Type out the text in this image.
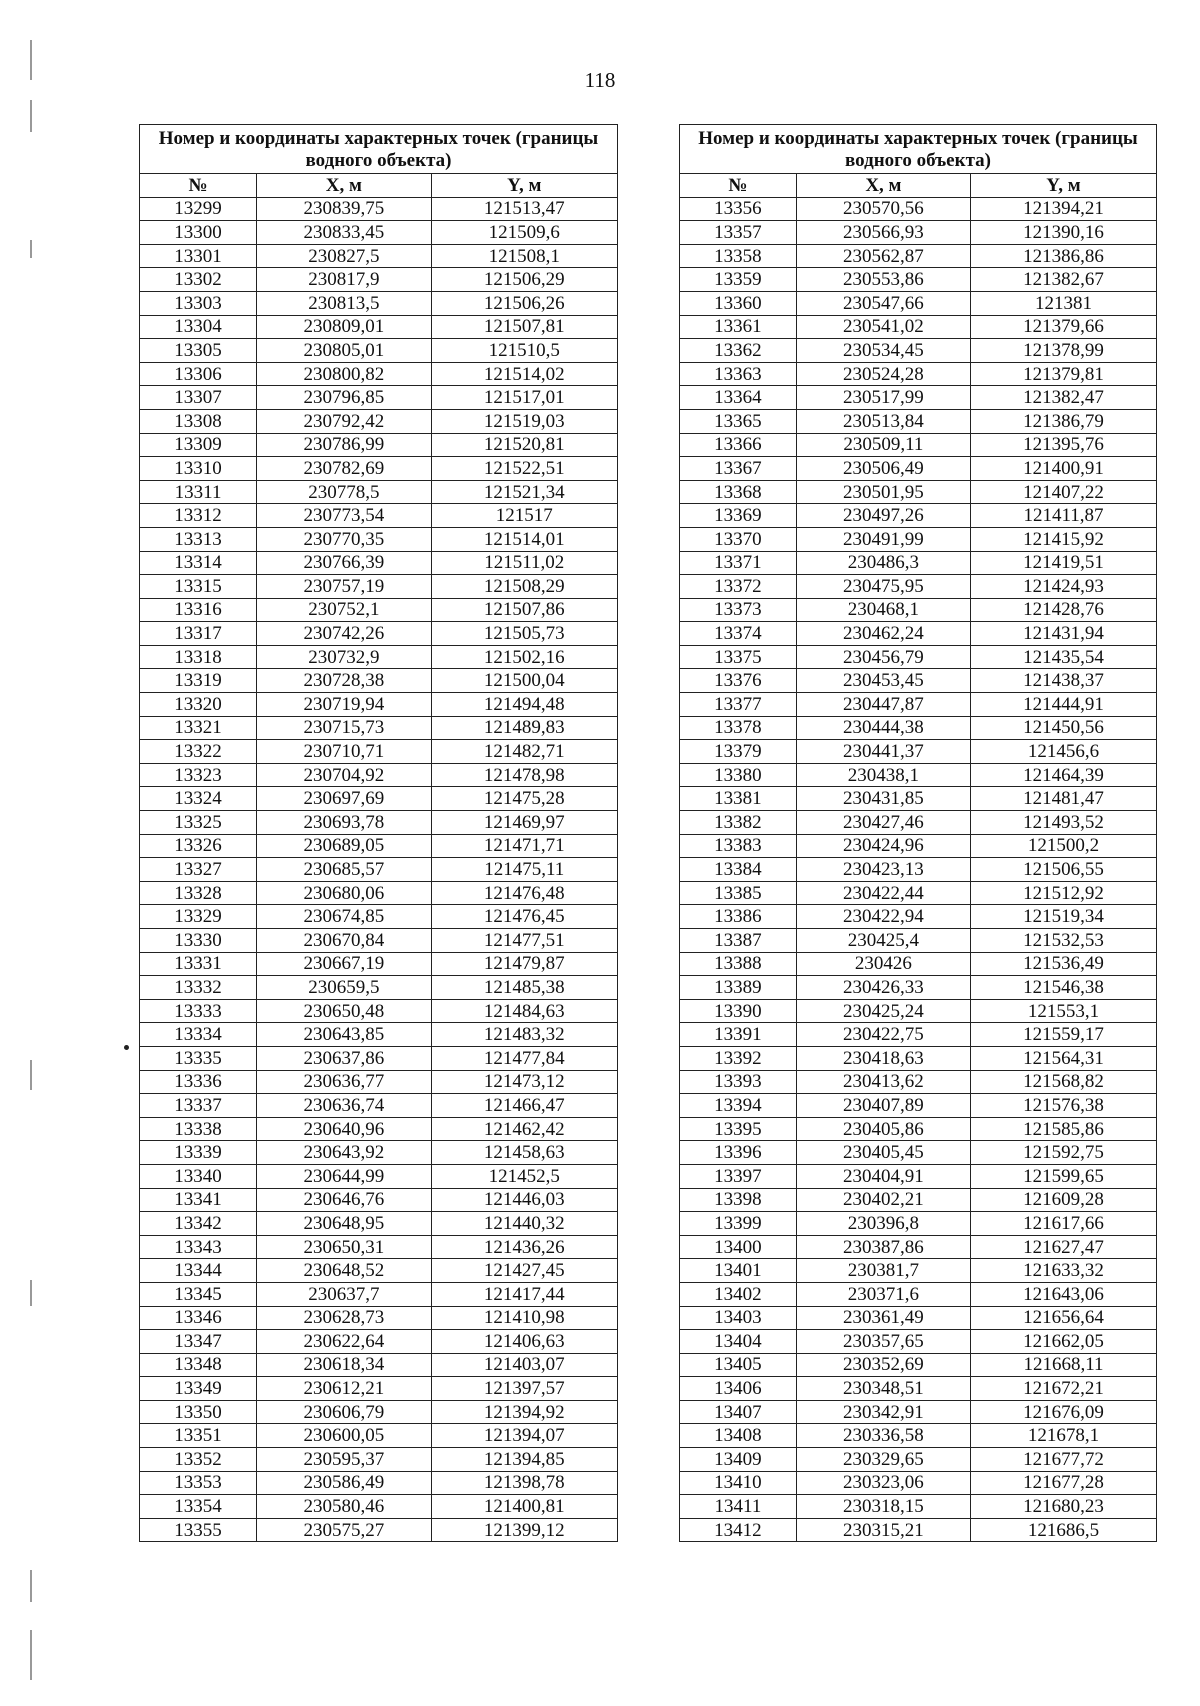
118
Номер и координаты характерных точек (границы водного объекта)		
№	X, м	Y, м
13299	230839,75	121513,47
13300	230833,45	121509,6
13301	230827,5	121508,1
13302	230817,9	121506,29
13303	230813,5	121506,26
13304	230809,01	121507,81
13305	230805,01	121510,5
13306	230800,82	121514,02
13307	230796,85	121517,01
13308	230792,42	121519,03
13309	230786,99	121520,81
13310	230782,69	121522,51
13311	230778,5	121521,34
13312	230773,54	121517
13313	230770,35	121514,01
13314	230766,39	121511,02
13315	230757,19	121508,29
13316	230752,1	121507,86
13317	230742,26	121505,73
13318	230732,9	121502,16
13319	230728,38	121500,04
13320	230719,94	121494,48
13321	230715,73	121489,83
13322	230710,71	121482,71
13323	230704,92	121478,98
13324	230697,69	121475,28
13325	230693,78	121469,97
13326	230689,05	121471,71
13327	230685,57	121475,11
13328	230680,06	121476,48
13329	230674,85	121476,45
13330	230670,84	121477,51
13331	230667,19	121479,87
13332	230659,5	121485,38
13333	230650,48	121484,63
13334	230643,85	121483,32
13335	230637,86	121477,84
13336	230636,77	121473,12
13337	230636,74	121466,47
13338	230640,96	121462,42
13339	230643,92	121458,63
13340	230644,99	121452,5
13341	230646,76	121446,03
13342	230648,95	121440,32
13343	230650,31	121436,26
13344	230648,52	121427,45
13345	230637,7	121417,44
13346	230628,73	121410,98
13347	230622,64	121406,63
13348	230618,34	121403,07
13349	230612,21	121397,57
13350	230606,79	121394,92
13351	230600,05	121394,07
13352	230595,37	121394,85
13353	230586,49	121398,78
13354	230580,46	121400,81
13355	230575,27	121399,12
Номер и координаты характерных точек (границы водного объекта)		
№	X, м	Y, м
13356	230570,56	121394,21
13357	230566,93	121390,16
13358	230562,87	121386,86
13359	230553,86	121382,67
13360	230547,66	121381
13361	230541,02	121379,66
13362	230534,45	121378,99
13363	230524,28	121379,81
13364	230517,99	121382,47
13365	230513,84	121386,79
13366	230509,11	121395,76
13367	230506,49	121400,91
13368	230501,95	121407,22
13369	230497,26	121411,87
13370	230491,99	121415,92
13371	230486,3	121419,51
13372	230475,95	121424,93
13373	230468,1	121428,76
13374	230462,24	121431,94
13375	230456,79	121435,54
13376	230453,45	121438,37
13377	230447,87	121444,91
13378	230444,38	121450,56
13379	230441,37	121456,6
13380	230438,1	121464,39
13381	230431,85	121481,47
13382	230427,46	121493,52
13383	230424,96	121500,2
13384	230423,13	121506,55
13385	230422,44	121512,92
13386	230422,94	121519,34
13387	230425,4	121532,53
13388	230426	121536,49
13389	230426,33	121546,38
13390	230425,24	121553,1
13391	230422,75	121559,17
13392	230418,63	121564,31
13393	230413,62	121568,82
13394	230407,89	121576,38
13395	230405,86	121585,86
13396	230405,45	121592,75
13397	230404,91	121599,65
13398	230402,21	121609,28
13399	230396,8	121617,66
13400	230387,86	121627,47
13401	230381,7	121633,32
13402	230371,6	121643,06
13403	230361,49	121656,64
13404	230357,65	121662,05
13405	230352,69	121668,11
13406	230348,51	121672,21
13407	230342,91	121676,09
13408	230336,58	121678,1
13409	230329,65	121677,72
13410	230323,06	121677,28
13411	230318,15	121680,23
13412	230315,21	121686,5
